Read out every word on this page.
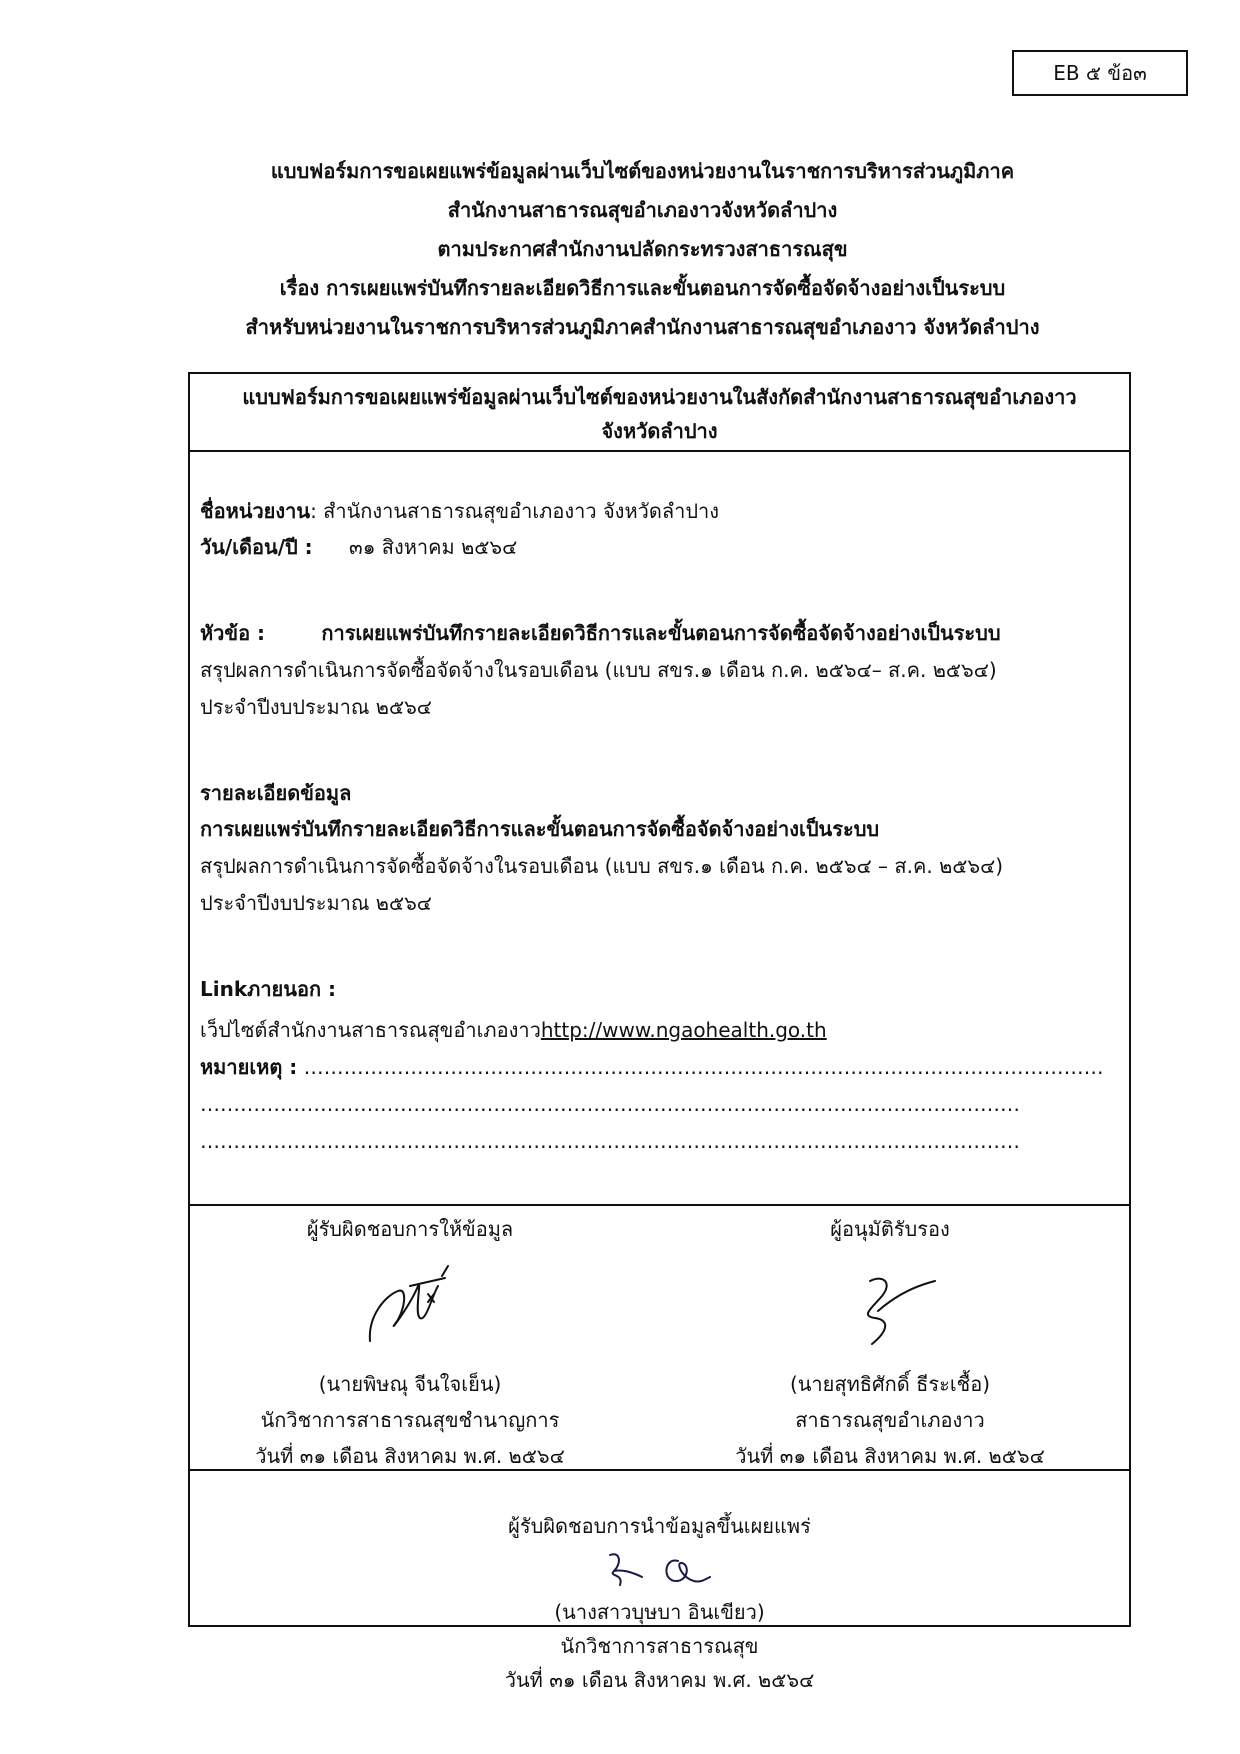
EB ๕ ข้อ๓
แบบฟอร์มการขอเผยแพร่ข้อมูลผ่านเว็บไซต์ของหน่วยงานในราชการบริหารส่วนภูมิภาค
สำนักงานสาธารณสุขอำเภองาวจังหวัดลำปาง
ตามประกาศสำนักงานปลัดกระทรวงสาธารณสุข
เรื่อง การเผยแพร่บันทึกรายละเอียดวิธีการและขั้นตอนการจัดซื้อจัดจ้างอย่างเป็นระบบ
สำหรับหน่วยงานในราชการบริหารส่วนภูมิภาคสำนักงานสาธารณสุขอำเภองาว จังหวัดลำปาง
แบบฟอร์มการขอเผยแพร่ข้อมูลผ่านเว็บไซต์ของหน่วยงานในสังกัดสำนักงานสาธารณสุขอำเภองาว
จังหวัดลำปาง
ชื่อหน่วยงาน: สำนักงานสาธารณสุขอำเภองาว จังหวัดลำปาง
วัน/เดือน/ปี : ๓๑ สิงหาคม ๒๕๖๔
หัวข้อ :	การเผยแพร่บันทึกรายละเอียดวิธีการและขั้นตอนการจัดซื้อจัดจ้างอย่างเป็นระบบ
สรุปผลการดำเนินการจัดซื้อจัดจ้างในรอบเดือน (แบบ สขร.๑ เดือน ก.ค. ๒๕๖๔– ส.ค. ๒๕๖๔)
ประจำปีงบประมาณ ๒๕๖๔
รายละเอียดข้อมูล
การเผยแพร่บันทึกรายละเอียดวิธีการและขั้นตอนการจัดซื้อจัดจ้างอย่างเป็นระบบ
สรุปผลการดำเนินการจัดซื้อจัดจ้างในรอบเดือน (แบบ สขร.๑ เดือน ก.ค. ๒๕๖๔ – ส.ค. ๒๕๖๔)
ประจำปีงบประมาณ ๒๕๖๔
Linkภายนอก :
เว็ปไซต์สำนักงานสาธารณสุขอำเภองาวhttp://www.ngaohealth.go.th
หมายเหตุ : …………………………………………………………………………………………………………
……………………………………………………………………………………………………………
……………………………………………………………………………………………………………
ผู้รับผิดชอบการให้ข้อมูล
(นายพิษณุ จีนใจเย็น)
นักวิชาการสาธารณสุขชำนาญการ
วันที่ ๓๑ เดือน สิงหาคม พ.ศ. ๒๕๖๔
ผู้อนุมัติรับรอง
(นายสุทธิศักดิ์ ธีระเชื้อ)
สาธารณสุขอำเภองาว
วันที่ ๓๑ เดือน สิงหาคม พ.ศ. ๒๕๖๔
ผู้รับผิดชอบการนำข้อมูลขึ้นเผยแพร่
(นางสาวบุษบา อินเขียว)
นักวิชาการสาธารณสุข
วันที่ ๓๑ เดือน สิงหาคม พ.ศ. ๒๕๖๔
